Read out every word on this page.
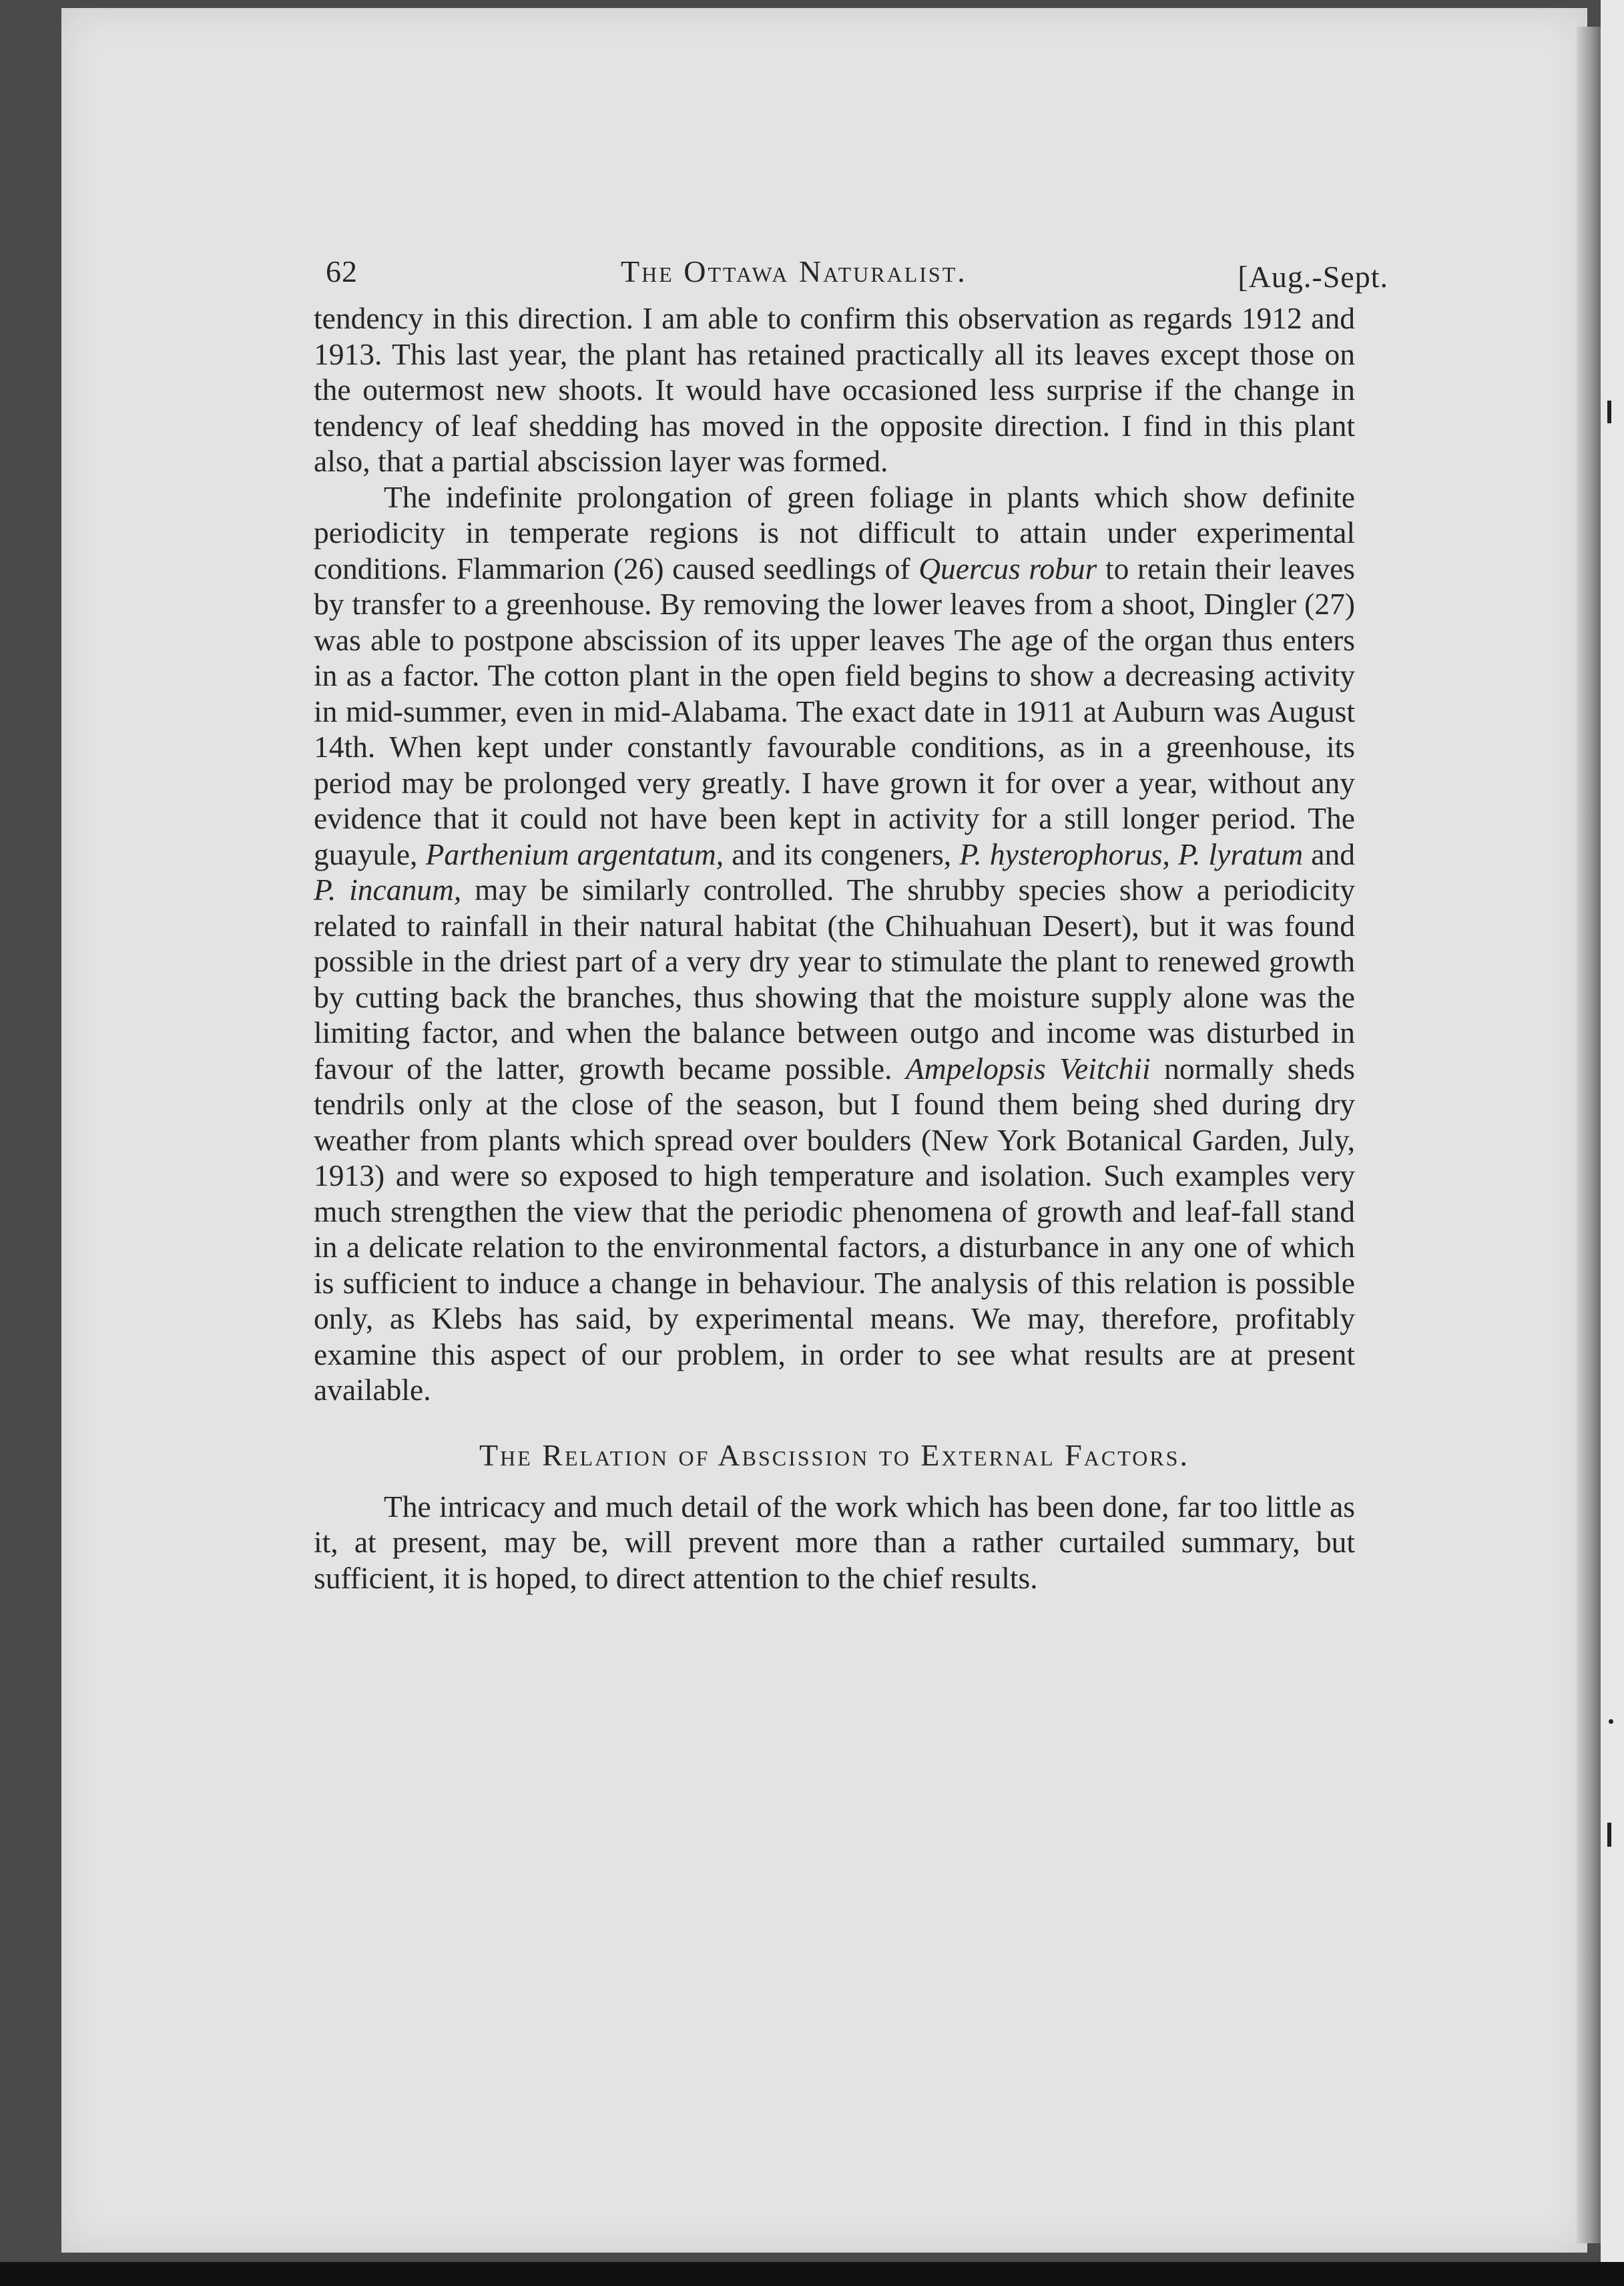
62	The Ottawa Naturalist.	[Aug.-Sept.

tendency in this direction. I am able to confirm this observation as regards 1912 and 1913. This last year, the plant has retained practically all its leaves except those on the outermost new shoots. It would have occasioned less surprise if the change in tendency of leaf shedding has moved in the opposite direction. I find in this plant also, that a partial abscission layer was formed.

The indefinite prolongation of green foliage in plants which show definite periodicity in temperate regions is not difficult to attain under experimental conditions. Flammarion (26) caused seedlings of Quercus robur to retain their leaves by transfer to a greenhouse. By removing the lower leaves from a shoot, Dingler (27) was able to postpone abscission of its upper leaves The age of the organ thus enters in as a factor. The cotton plant in the open field begins to show a decreasing activity in mid-summer, even in mid-Alabama. The exact date in 1911 at Auburn was August 14th. When kept under constantly favourable conditions, as in a greenhouse, its period may be prolonged very greatly. I have grown it for over a year, without any evidence that it could not have been kept in activity for a still longer period. The guayule, Parthenium argentatum, and its congeners, P. hysterophorus, P. lyratum and P. incanum, may be similarly controlled. The shrubby species show a periodicity related to rainfall in their natural habitat (the Chihuahuan Desert), but it was found possible in the driest part of a very dry year to stimulate the plant to renewed growth by cutting back the branches, thus showing that the moisture supply alone was the limiting factor, and when the balance between outgo and income was disturbed in favour of the latter, growth became possible. Ampelopsis Veitchii normally sheds tendrils only at the close of the season, but I found them being shed during dry weather from plants which spread over boulders (New York Botanical Garden, July, 1913) and were so exposed to high temperature and isolation. Such examples very much strengthen the view that the periodic phenomena of growth and leaf-fall stand in a delicate relation to the environmental factors, a disturbance in any one of which is sufficient to induce a change in behaviour. The analysis of this relation is possible only, as Klebs has said, by experimental means. We may, therefore, profitably examine this aspect of our problem, in order to see what results are at present available.

The Relation of Abscission to External Factors.

The intricacy and much detail of the work which has been done, far too little as it, at present, may be, will prevent more than a rather curtailed summary, but sufficient, it is hoped, to direct attention to the chief results.
